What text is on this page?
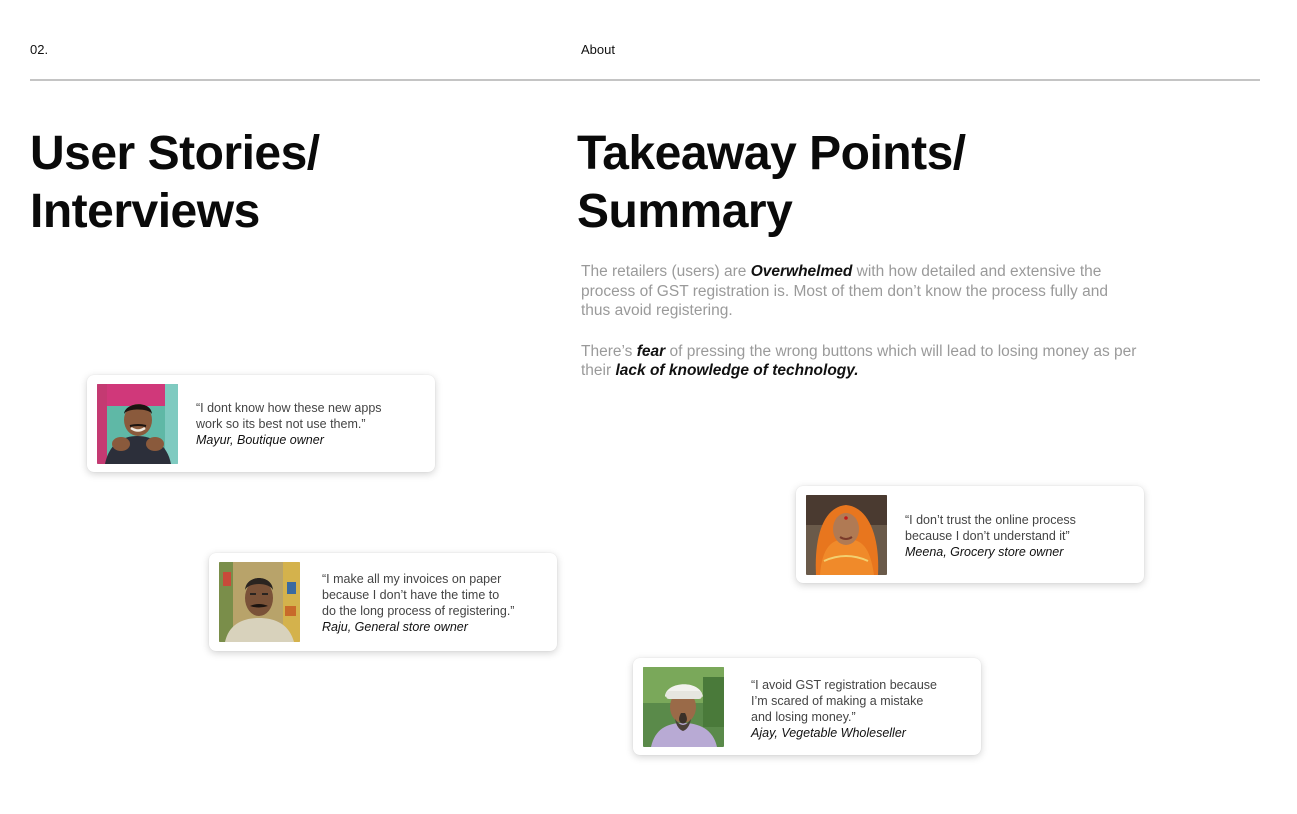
02.	About
User Stories/
Interviews
Takeaway Points/
Summary

The retailers (users) are Overwhelmed with how detailed and extensive the process of GST registration is. Most of them don’t know the process fully and thus avoid registering.

There’s fear of pressing the wrong buttons which will lead to losing money as per their lack of knowledge of technology.

“I dont know how these new apps
work so its best not use them.”
Mayur, Boutique owner
“I make all my invoices on paper
because I don’t have the time to
do the long process of registering.”
Raju, General store owner
“I don’t trust the online process
because I don’t understand it”
Meena, Grocery store owner
“I avoid GST registration because
I’m scared of making a mistake
and losing money.”
Ajay, Vegetable Wholeseller
